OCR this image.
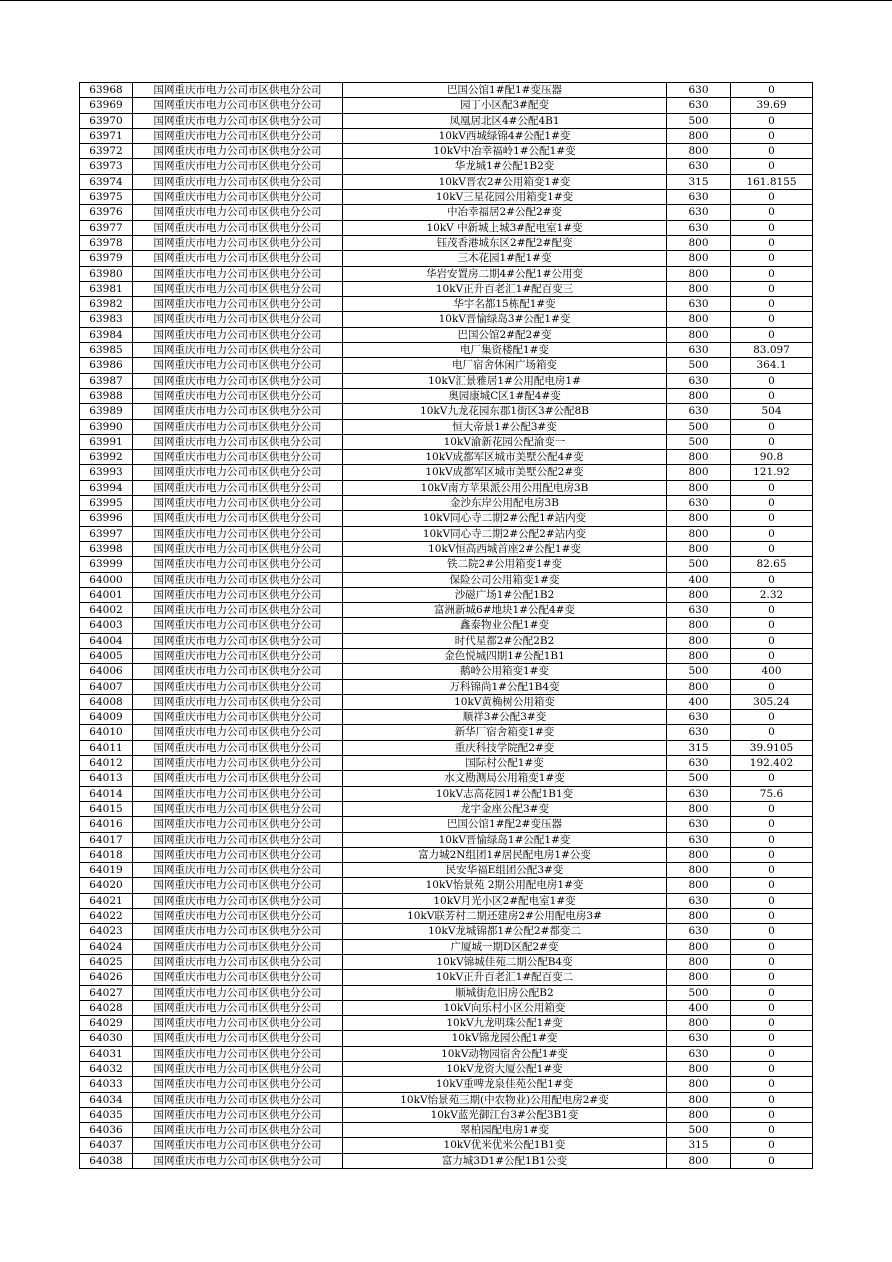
63968	国网重庆市电力公司市区供电分公司	巴国公馆1#配1#变压器	630	0
63969	国网重庆市电力公司市区供电分公司	园丁小区配3#配变	630	39.69
63970	国网重庆市电力公司市区供电分公司	凤凰居北区4#公配4B1	500	0
63971	国网重庆市电力公司市区供电分公司	10kV西城绿锦4#公配1#变	800	0
63972	国网重庆市电力公司市区供电分公司	10kV中冶幸福岭1#公配1#变	800	0
63973	国网重庆市电力公司市区供电分公司	华龙城1#公配1B2变	630	0
63974	国网重庆市电力公司市区供电分公司	10kV晋农2#公用箱变1#变	315	161.8155
63975	国网重庆市电力公司市区供电分公司	10kV三星花园公用箱变1#变	630	0
63976	国网重庆市电力公司市区供电分公司	中冶幸福居2#公配2#变	630	0
63977	国网重庆市电力公司市区供电分公司	10kV 中新城上城3#配电室1#变	630	0
63978	国网重庆市电力公司市区供电分公司	钰茂香港城东区2#配2#配变	800	0
63979	国网重庆市电力公司市区供电分公司	三木花园1#配1#变	800	0
63980	国网重庆市电力公司市区供电分公司	华岩安置房二期4#公配1#公用变	800	0
63981	国网重庆市电力公司市区供电分公司	10kV正升百老汇1#配百变三	800	0
63982	国网重庆市电力公司市区供电分公司	华宇名都15栋配1#变	630	0
63983	国网重庆市电力公司市区供电分公司	10kV晋愉绿岛3#公配1#变	800	0
63984	国网重庆市电力公司市区供电分公司	巴国公馆2#配2#变	800	0
63985	国网重庆市电力公司市区供电分公司	电厂集资楼配1#变	630	83.097
63986	国网重庆市电力公司市区供电分公司	电厂宿舍休闲广场箱变	500	364.1
63987	国网重庆市电力公司市区供电分公司	10kV汇景雅居1#公用配电房1#	630	0
63988	国网重庆市电力公司市区供电分公司	奥园康城C区1#配4#变	800	0
63989	国网重庆市电力公司市区供电分公司	10kV九龙花园东郡1街区3#公配8B	630	504
63990	国网重庆市电力公司市区供电分公司	恒大帝景1#公配3#变	500	0
63991	国网重庆市电力公司市区供电分公司	10kV渝新花园公配渝变一	500	0
63992	国网重庆市电力公司市区供电分公司	10kV成都军区城市美墅公配4#变	800	90.8
63993	国网重庆市电力公司市区供电分公司	10kV成都军区城市美墅公配2#变	800	121.92
63994	国网重庆市电力公司市区供电分公司	10kV南方苹果派公用公用配电房3B	800	0
63995	国网重庆市电力公司市区供电分公司	金沙东岸公用配电房3B	630	0
63996	国网重庆市电力公司市区供电分公司	10kV同心寺二期2#公配1#站内变	800	0
63997	国网重庆市电力公司市区供电分公司	10kV同心寺二期2#公配2#站内变	800	0
63998	国网重庆市电力公司市区供电分公司	10kV恒高西城首座2#公配1#变	800	0
63999	国网重庆市电力公司市区供电分公司	铁二院2#公用箱变1#变	500	82.65
64000	国网重庆市电力公司市区供电分公司	保险公司公用箱变1#变	400	0
64001	国网重庆市电力公司市区供电分公司	沙磁广场1#公配1B2	800	2.32
64002	国网重庆市电力公司市区供电分公司	富洲新城6#地块1#公配4#变	630	0
64003	国网重庆市电力公司市区供电分公司	鑫泰物业公配1#变	800	0
64004	国网重庆市电力公司市区供电分公司	时代星都2#公配2B2	800	0
64005	国网重庆市电力公司市区供电分公司	金色悦城四期1#公配1B1	800	0
64006	国网重庆市电力公司市区供电分公司	鹅岭公用箱变1#变	500	400
64007	国网重庆市电力公司市区供电分公司	万科锦尚1#公配1B4变	800	0
64008	国网重庆市电力公司市区供电分公司	10kV黄桷树公用箱变	400	305.24
64009	国网重庆市电力公司市区供电分公司	顺祥3#公配3#变	630	0
64010	国网重庆市电力公司市区供电分公司	新华厂宿舍箱变1#变	630	0
64011	国网重庆市电力公司市区供电分公司	重庆科技学院配2#变	315	39.9105
64012	国网重庆市电力公司市区供电分公司	国际村公配1#变	630	192.402
64013	国网重庆市电力公司市区供电分公司	水文勘测局公用箱变1#变	500	0
64014	国网重庆市电力公司市区供电分公司	10kV志高花园1#公配1B1变	630	75.6
64015	国网重庆市电力公司市区供电分公司	龙宇金座公配3#变	800	0
64016	国网重庆市电力公司市区供电分公司	巴国公馆1#配2#变压器	630	0
64017	国网重庆市电力公司市区供电分公司	10kV晋愉绿岛1#公配1#变	630	0
64018	国网重庆市电力公司市区供电分公司	富力城2N组团1#居民配电房1#公变	800	0
64019	国网重庆市电力公司市区供电分公司	民安华福E组团公配3#变	800	0
64020	国网重庆市电力公司市区供电分公司	10kV怡景苑 2期公用配电房1#变	800	0
64021	国网重庆市电力公司市区供电分公司	10kV月光小区2#配电室1#变	630	0
64022	国网重庆市电力公司市区供电分公司	10kV联芳村二期还建房2#公用配电房3#	800	0
64023	国网重庆市电力公司市区供电分公司	10kV龙城锦都1#公配2#都变二	630	0
64024	国网重庆市电力公司市区供电分公司	广厦城一期D区配2#变	800	0
64025	国网重庆市电力公司市区供电分公司	10kV锦城佳苑二期公配B4变	800	0
64026	国网重庆市电力公司市区供电分公司	10kV正升百老汇1#配百变二	800	0
64027	国网重庆市电力公司市区供电分公司	顺城街危旧房公配B2	500	0
64028	国网重庆市电力公司市区供电分公司	10kV向乐村小区公用箱变	400	0
64029	国网重庆市电力公司市区供电分公司	10kV九龙明珠公配1#变	800	0
64030	国网重庆市电力公司市区供电分公司	10kV锦龙园公配1#变	630	0
64031	国网重庆市电力公司市区供电分公司	10kV动物园宿舍公配1#变	630	0
64032	国网重庆市电力公司市区供电分公司	10kV龙资大厦公配1#变	800	0
64033	国网重庆市电力公司市区供电分公司	10kV重啤龙泉佳苑公配1#变	800	0
64034	国网重庆市电力公司市区供电分公司	10kV怡景苑三期(中农物业)公用配电房2#变	800	0
64035	国网重庆市电力公司市区供电分公司	10kV蓝光御江台3#公配3B1变	800	0
64036	国网重庆市电力公司市区供电分公司	翠柏园配电房1#变	500	0
64037	国网重庆市电力公司市区供电分公司	10kV优米优米公配1B1变	315	0
64038	国网重庆市电力公司市区供电分公司	富力城3D1#公配1B1公变	800	0
